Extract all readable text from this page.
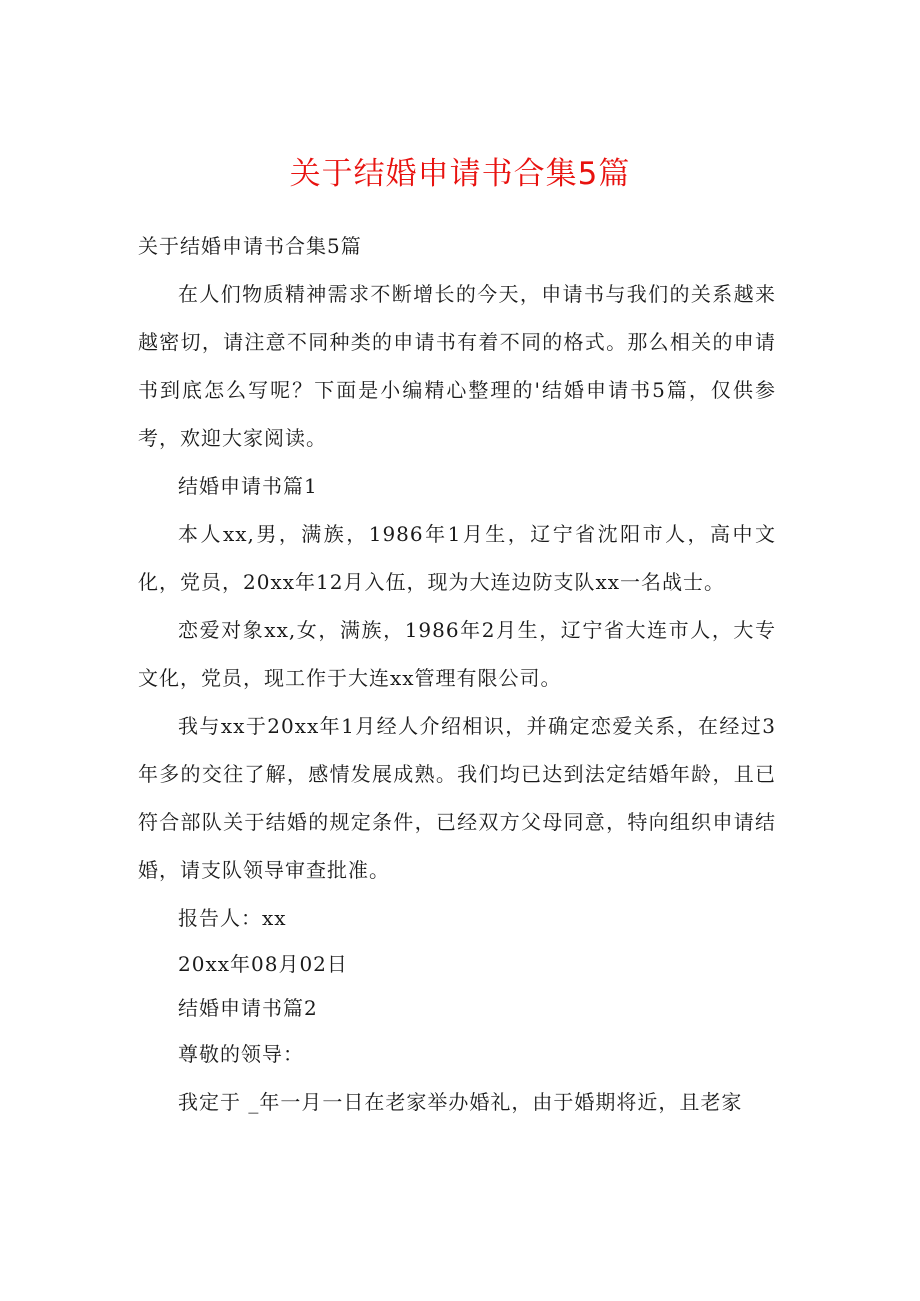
关于结婚申请书合集5篇

关于结婚申请书合集5篇

在人们物质精神需求不断增长的今天，申请书与我们的关系越来越密切，请注意不同种类的申请书有着不同的格式。那么相关的申请书到底怎么写呢？下面是小编精心整理的'结婚申请书5篇，仅供参考，欢迎大家阅读。

结婚申请书篇1

本人xx,男，满族，1986年1月生，辽宁省沈阳市人，高中文化，党员，20xx年12月入伍，现为大连边防支队xx一名战士。

恋爱对象xx,女，满族，1986年2月生，辽宁省大连市人，大专文化，党员，现工作于大连xx管理有限公司。

我与xx于20xx年1月经人介绍相识，并确定恋爱关系，在经过3年多的交往了解，感情发展成熟。我们均已达到法定结婚年龄，且已符合部队关于结婚的规定条件，已经双方父母同意，特向组织申请结婚，请支队领导审查批准。

报告人：xx

20xx年08月02日

结婚申请书篇2

尊敬的领导：

我定于 _年一月一日在老家举办婚礼，由于婚期将近，且老家
